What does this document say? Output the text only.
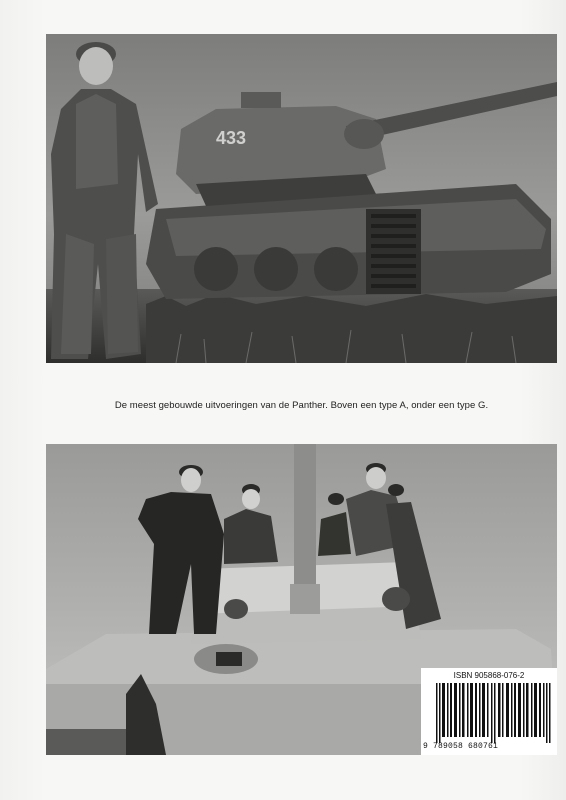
433
De meest gebouwde uitvoeringen van de Panther. Boven een type A, onder een type G.
ISBN 905868-076-2
9 789058 680761
